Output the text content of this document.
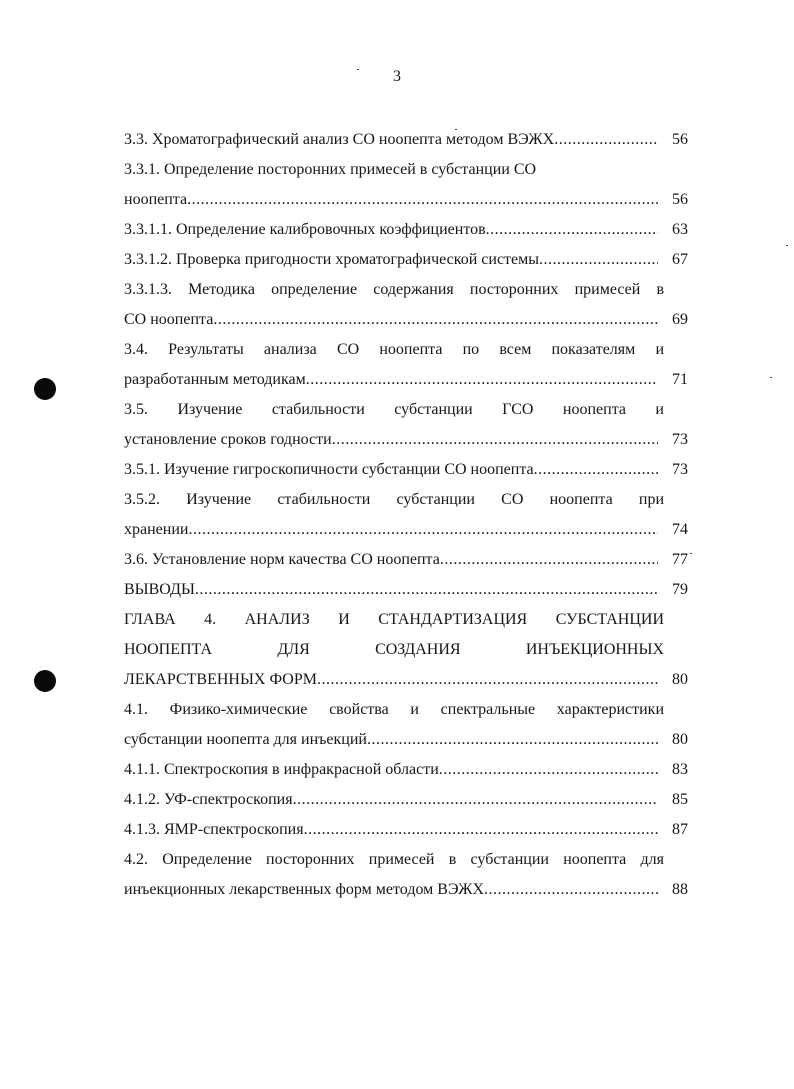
3
3.3. Хроматографический анализ СО ноопепта методом ВЭЖХ .....	56
3.3.1. Определение посторонних примесей в субстанции СО
ноопепта .....	56
3.3.1.1. Определение калибровочных коэффициентов .....	63
3.3.1.2. Проверка пригодности хроматографической системы .....	67
3.3.1.3. Методика определение содержания посторонних примесей в
СО ноопепта .....	69
3.4. Результаты анализа СО ноопепта по всем показателям и
разработанным методикам .....	71
3.5. Изучение стабильности субстанции ГСО ноопепта и
установление сроков годности .....	73
3.5.1. Изучение гигроскопичности субстанции СО ноопепта .....	73
3.5.2. Изучение стабильности субстанции СО ноопепта при
хранении .....	74
3.6. Установление норм качества СО ноопепта .....	77
ВЫВОДЫ .....	79
ГЛАВА 4. АНАЛИЗ И СТАНДАРТИЗАЦИЯ СУБСТАНЦИИ
НООПЕПТА ДЛЯ СОЗДАНИЯ ИНЪЕКЦИОННЫХ
ЛЕКАРСТВЕННЫХ ФОРМ .....	80
4.1. Физико-химические свойства и спектральные характеристики
субстанции ноопепта для инъекций .....	80
4.1.1. Спектроскопия в инфракрасной области .....	83
4.1.2. УФ-спектроскопия .....	85
4.1.3. ЯМР-спектроскопия .....	87
4.2. Определение посторонних примесей в субстанции ноопепта для
инъекционных лекарственных форм методом ВЭЖХ .....	88
